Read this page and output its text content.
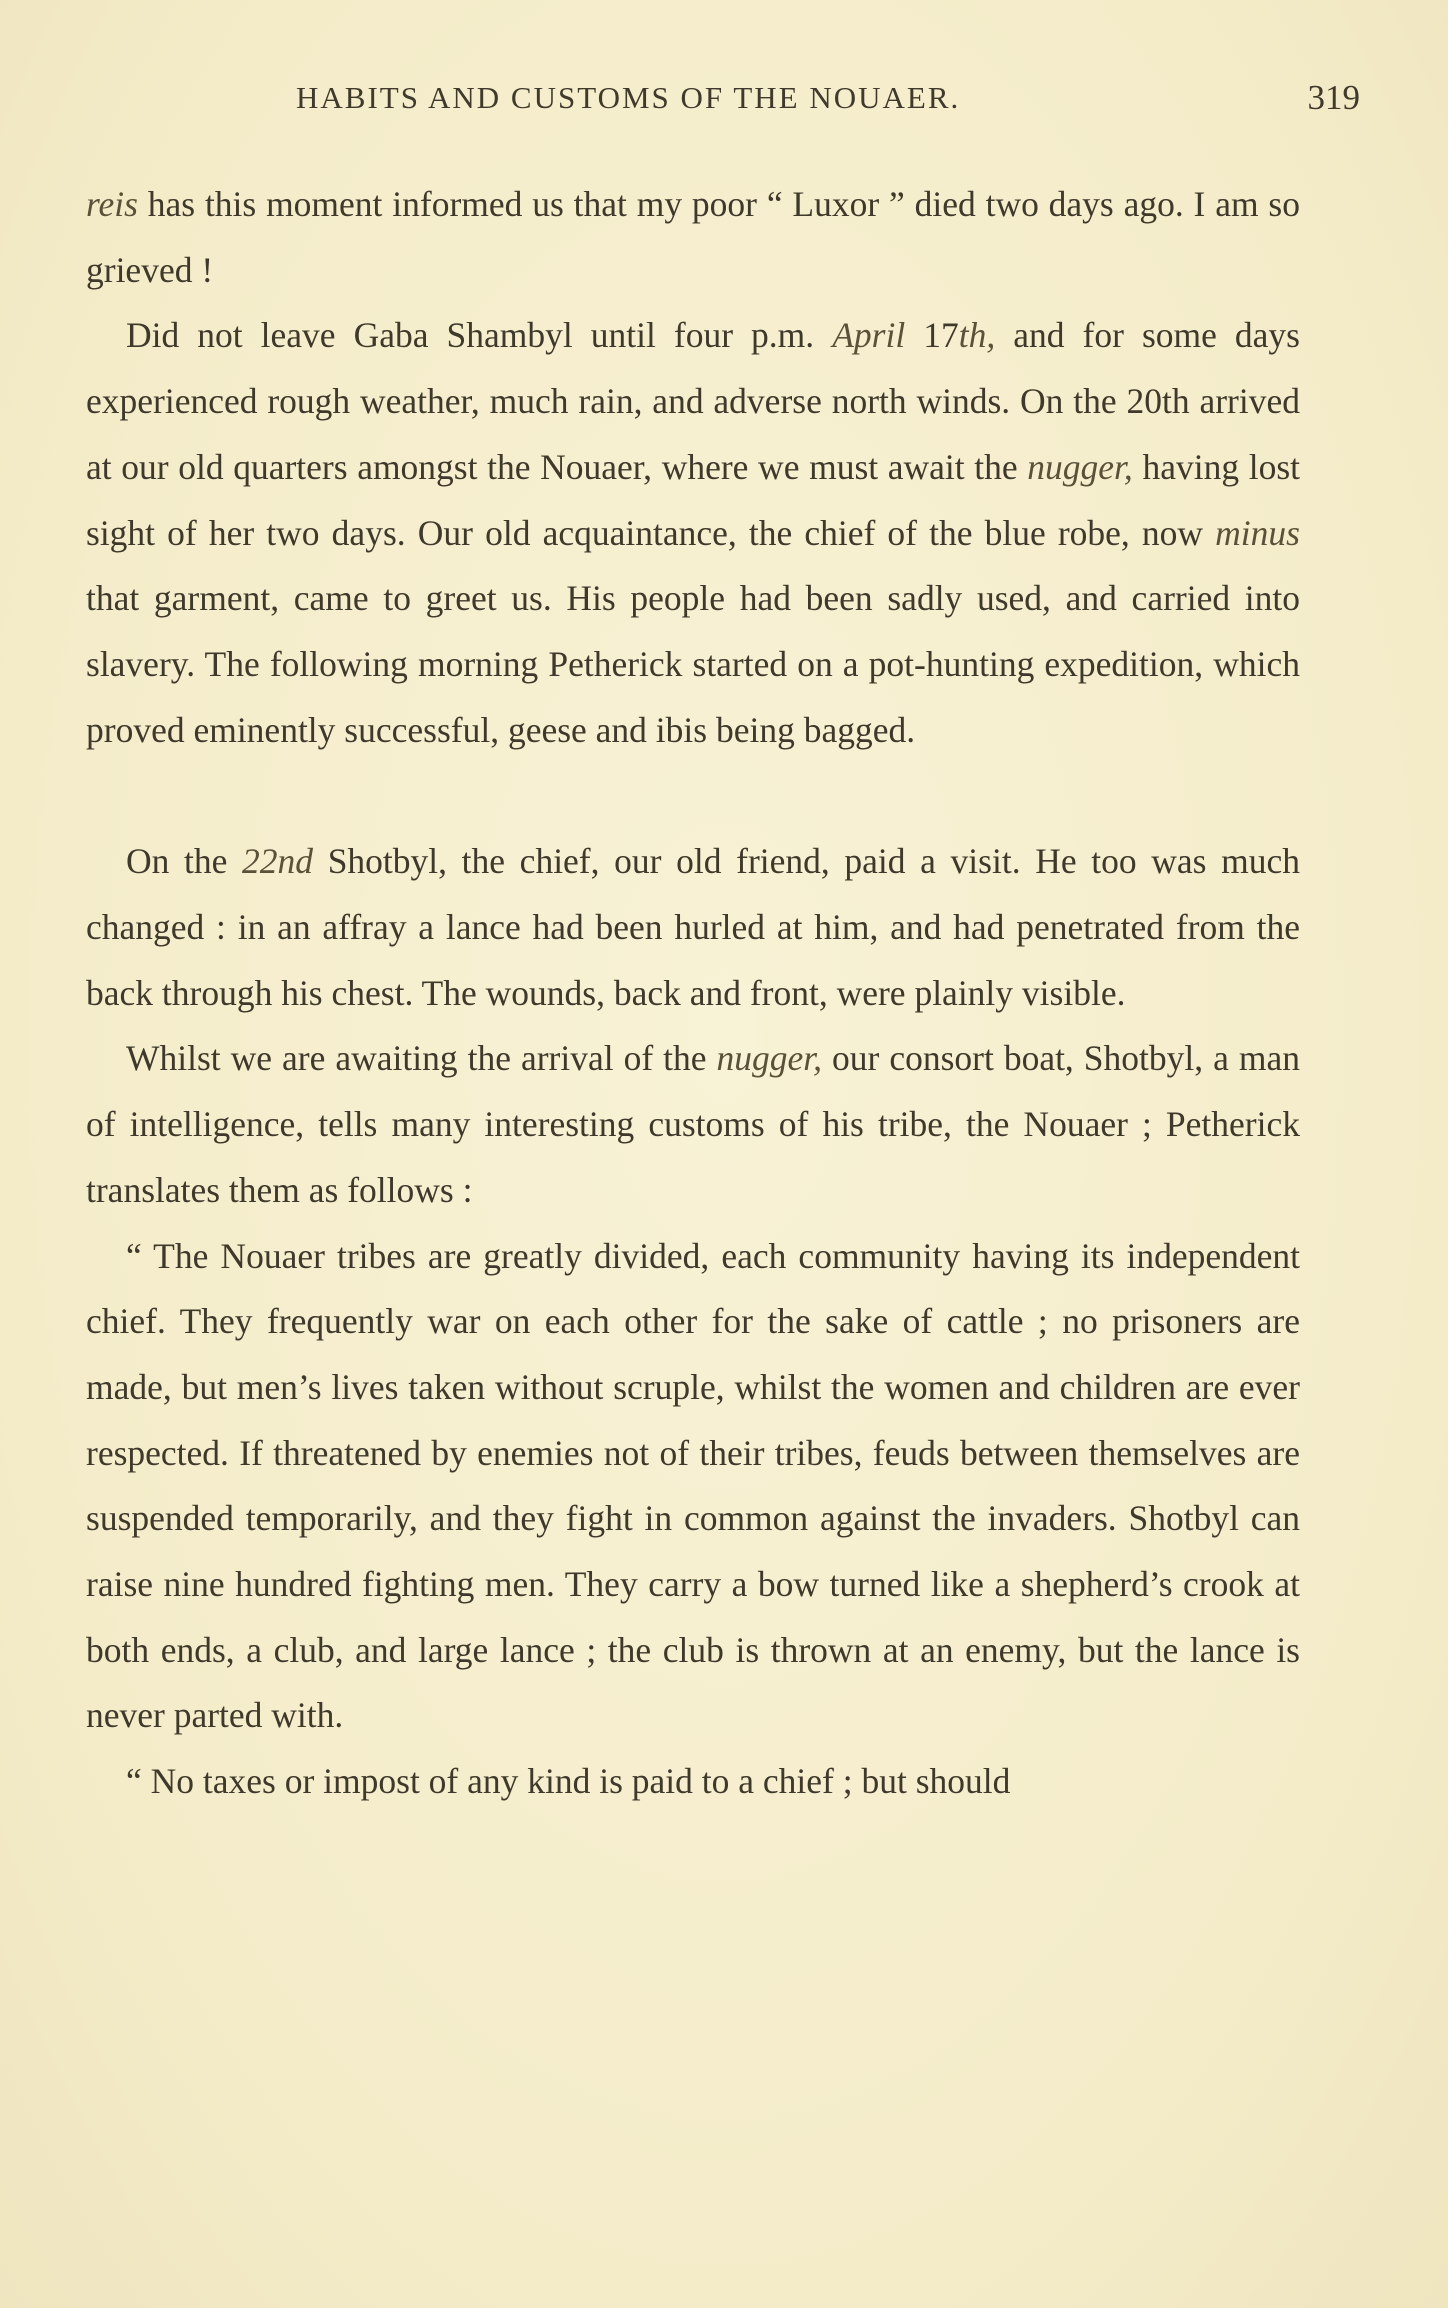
HABITS AND CUSTOMS OF THE NOUAER.	319

reis has this moment informed us that my poor “ Luxor ” died two days ago. I am so grieved !

Did not leave Gaba Shambyl until four p.m. April 17th, and for some days experienced rough weather, much rain, and adverse north winds. On the 20th arrived at our old quarters amongst the Nouaer, where we must await the nugger, having lost sight of her two days. Our old acquaintance, the chief of the blue robe, now minus that garment, came to greet us. His people had been sadly used, and carried into slavery. The following morning Petherick started on a pot-hunting expedition, which proved eminently successful, geese and ibis being bagged.

On the 22nd Shotbyl, the chief, our old friend, paid a visit. He too was much changed : in an affray a lance had been hurled at him, and had penetrated from the back through his chest. The wounds, back and front, were plainly visible.

Whilst we are awaiting the arrival of the nugger, our consort boat, Shotbyl, a man of intelligence, tells many interesting customs of his tribe, the Nouaer ; Petherick translates them as follows :

“ The Nouaer tribes are greatly divided, each community having its independent chief. They frequently war on each other for the sake of cattle ; no prisoners are made, but men’s lives taken without scruple, whilst the women and children are ever respected. If threatened by enemies not of their tribes, feuds between themselves are suspended temporarily, and they fight in common against the invaders. Shotbyl can raise nine hundred fighting men. They carry a bow turned like a shepherd’s crook at both ends, a club, and large lance ; the club is thrown at an enemy, but the lance is never parted with.

“ No taxes or impost of any kind is paid to a chief ; but should
